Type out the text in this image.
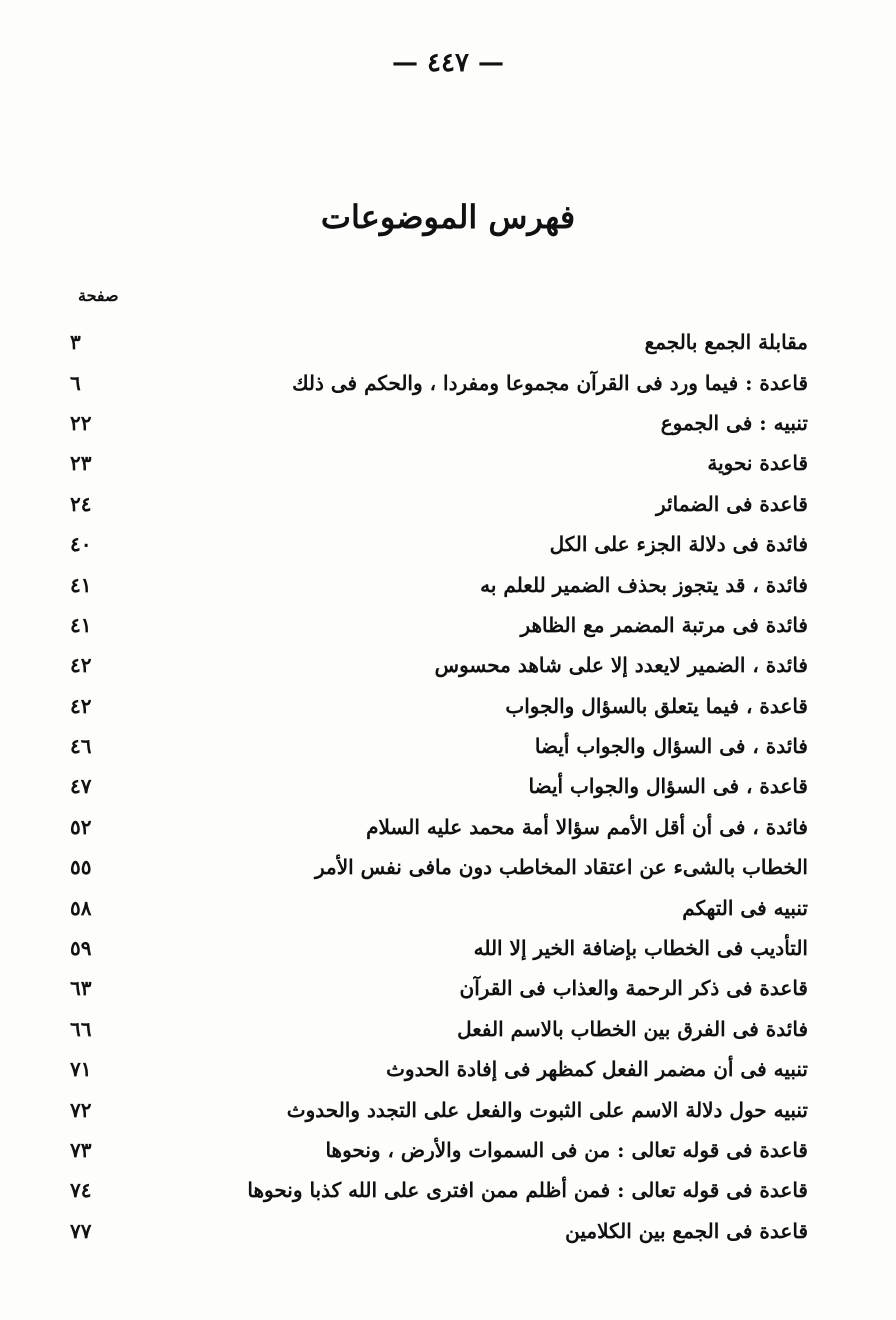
— ٤٤٧ —
فهرس الموضوعات
صفحة
مقابلة الجمع بالجمع
٣
قاعدة : فيما ورد فى القرآن مجموعا ومفردا ، والحكم فى ذلك
٦
تنبيه : فى الجموع
٢٢
قاعدة نحوية
٢٣
قاعدة فى الضمائر
٢٤
فائدة فى دلالة الجزء على الكل
٤٠
فائدة ، قد يتجوز بحذف الضمير للعلم به
٤١
فائدة فى مرتبة المضمر مع الظاهر
٤١
فائدة ، الضمير لايعدد إلا على شاهد محسوس
٤٢
قاعدة ، فيما يتعلق بالسؤال والجواب
٤٢
فائدة ، فى السؤال والجواب أيضا
٤٦
قاعدة ، فى السؤال والجواب أيضا
٤٧
فائدة ، فى أن أقل الأمم سؤالا أمة محمد عليه السلام
٥٢
الخطاب بالشىء عن اعتقاد المخاطب دون مافى نفس الأمر
٥٥
تنبيه فى التهكم
٥٨
التأديب فى الخطاب بإضافة الخير إلا الله
٥٩
قاعدة فى ذكر الرحمة والعذاب فى القرآن
٦٣
فائدة فى الفرق بين الخطاب بالاسم الفعل
٦٦
تنبيه فى أن مضمر الفعل كمظهر فى إفادة الحدوث
٧١
تنبيه حول دلالة الاسم على الثبوت والفعل على التجدد والحدوث
٧٢
قاعدة فى قوله تعالى : من فى السموات والأرض ، ونحوها
٧٣
قاعدة فى قوله تعالى : فمن أظلم ممن افترى على الله كذبا ونحوها
٧٤
قاعدة فى الجمع بين الكلامين
٧٧
